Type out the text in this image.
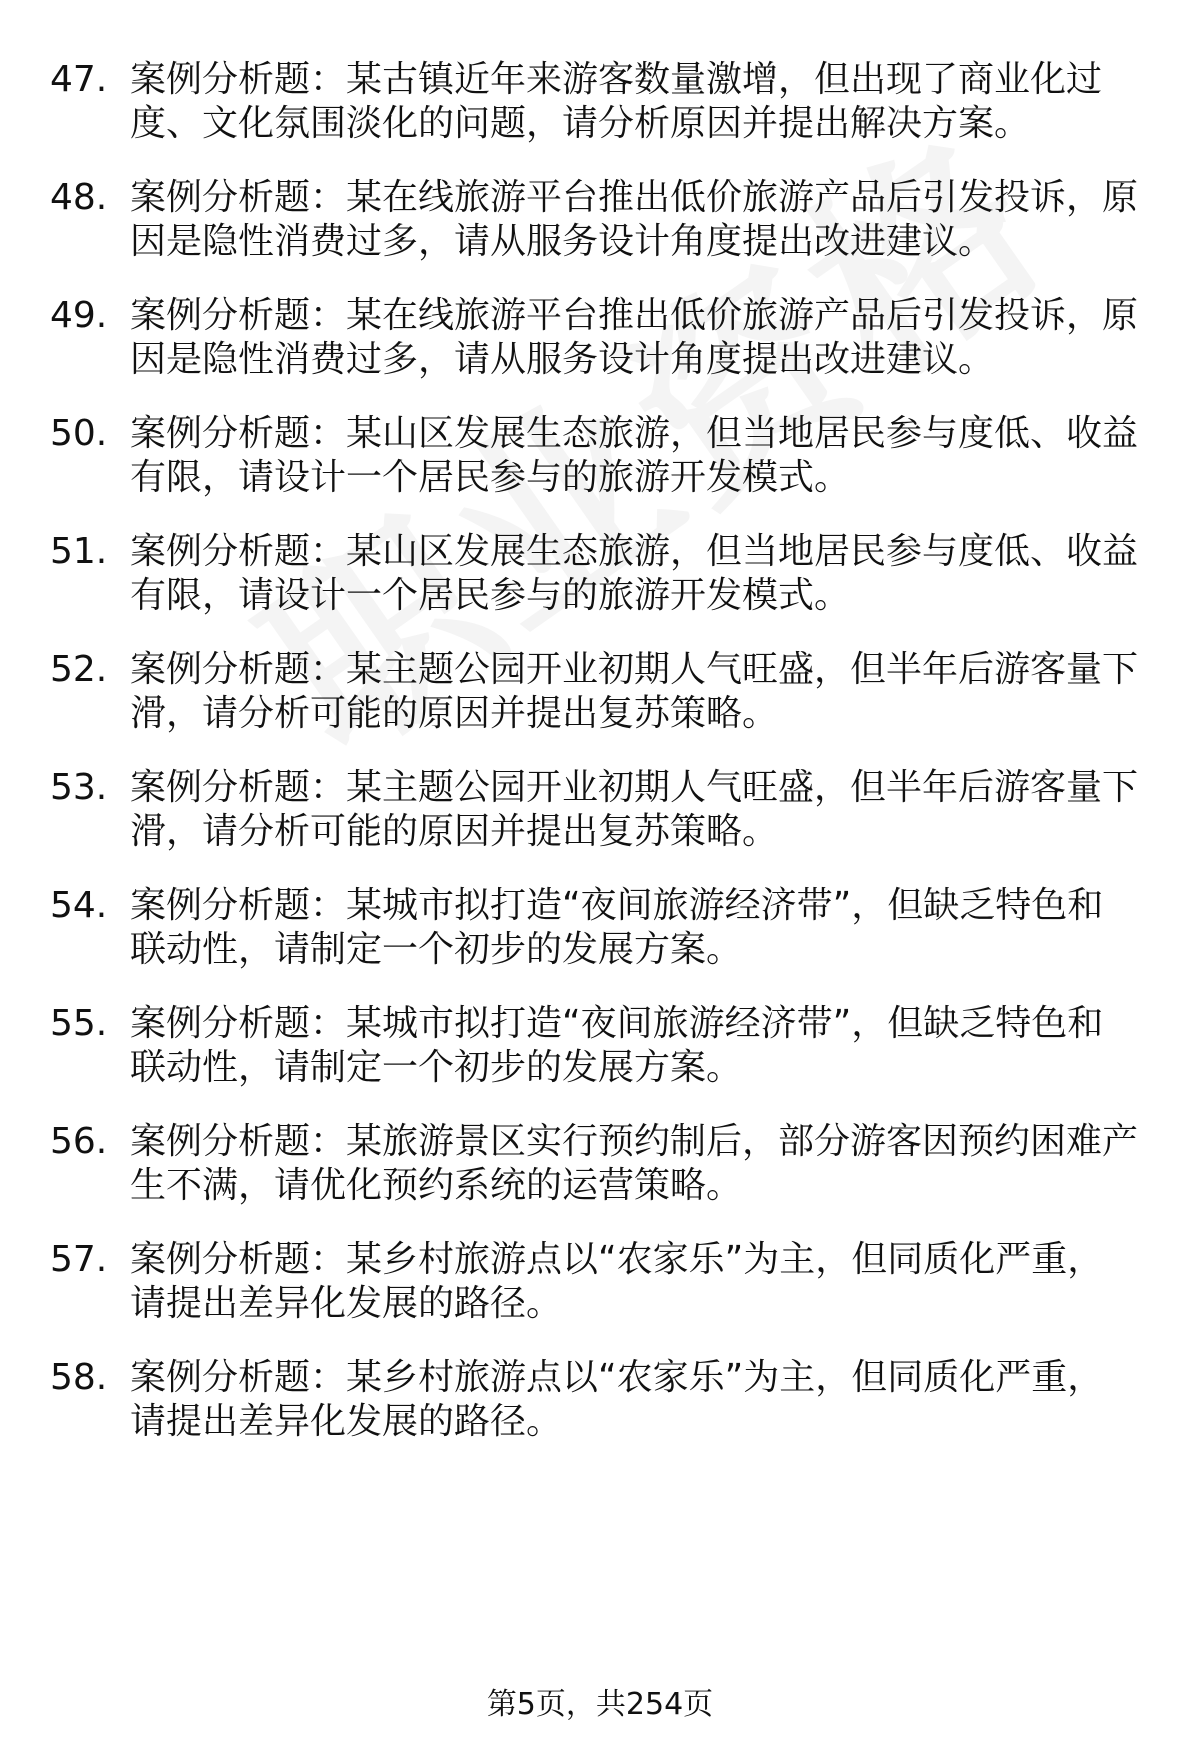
47. 案例分析题：某古镇近年来游客数量激增，但出现了商业化过
度、文化氛围淡化的问题，请分析原因并提出解决方案。
48. 案例分析题：某在线旅游平台推出低价旅游产品后引发投诉，原
因是隐性消费过多，请从服务设计角度提出改进建议。
49. 案例分析题：某在线旅游平台推出低价旅游产品后引发投诉，原
因是隐性消费过多，请从服务设计角度提出改进建议。
50. 案例分析题：某山区发展生态旅游，但当地居民参与度低、收益
有限，请设计一个居民参与的旅游开发模式。
51. 案例分析题：某山区发展生态旅游，但当地居民参与度低、收益
有限，请设计一个居民参与的旅游开发模式。
52. 案例分析题：某主题公园开业初期人气旺盛，但半年后游客量下
滑，请分析可能的原因并提出复苏策略。
53. 案例分析题：某主题公园开业初期人气旺盛，但半年后游客量下
滑，请分析可能的原因并提出复苏策略。
54. 案例分析题：某城市拟打造“夜间旅游经济带”，但缺乏特色和
联动性，请制定一个初步的发展方案。
55. 案例分析题：某城市拟打造“夜间旅游经济带”，但缺乏特色和
联动性，请制定一个初步的发展方案。
56. 案例分析题：某旅游景区实行预约制后，部分游客因预约困难产
生不满，请优化预约系统的运营策略。
57. 案例分析题：某乡村旅游点以“农家乐”为主，但同质化严重，
请提出差异化发展的路径。
58. 案例分析题：某乡村旅游点以“农家乐”为主，但同质化严重，
请提出差异化发展的路径。
第5页，共254页
